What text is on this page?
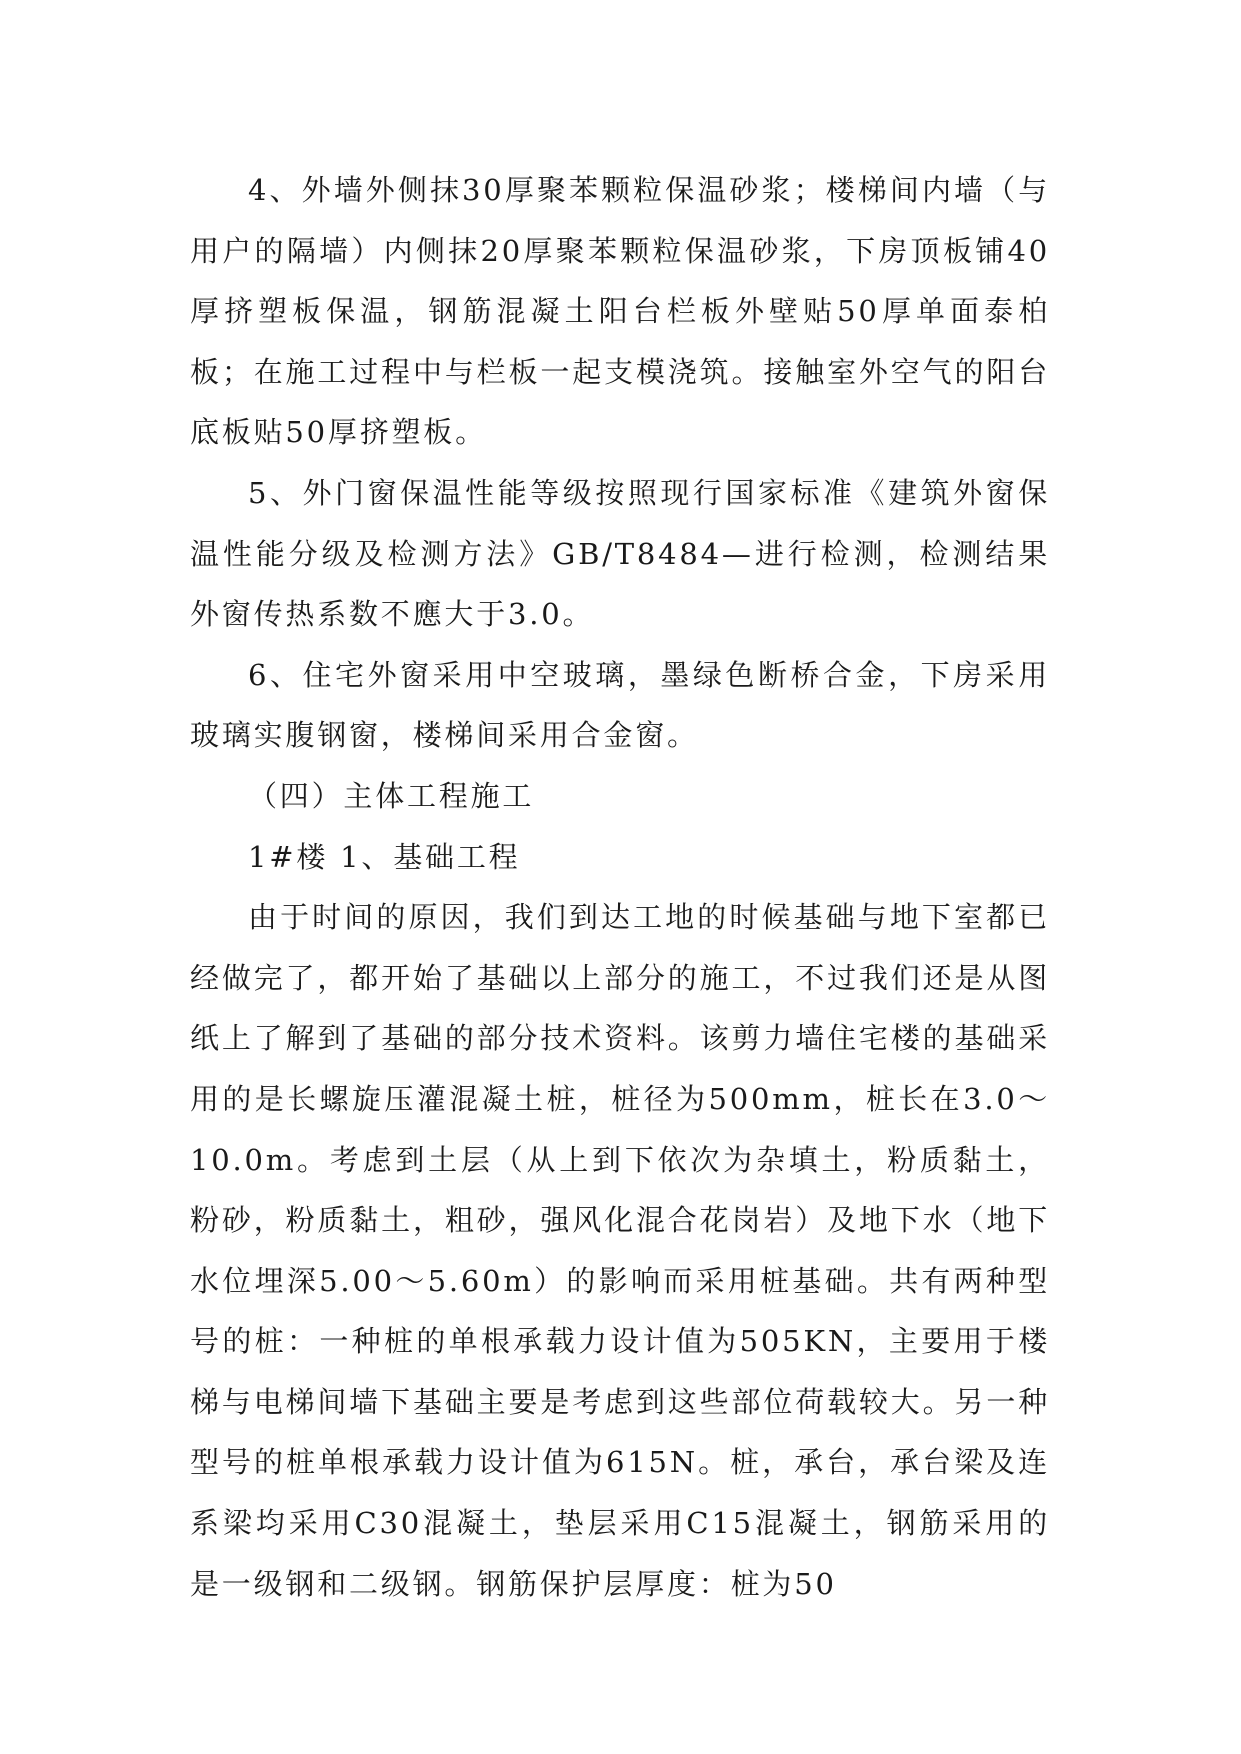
4、外墙外侧抹30厚聚苯颗粒保温砂浆；楼梯间内墙（与用户的隔墙）内侧抹20厚聚苯颗粒保温砂浆，下房顶板铺40厚挤塑板保温，钢筋混凝土阳台栏板外壁贴50厚单面泰柏板；在施工过程中与栏板一起支模浇筑。接触室外空气的阳台底板贴50厚挤塑板。

5、外门窗保温性能等级按照现行国家标准《建筑外窗保温性能分级及检测方法》GB/T8484—进行检测，检测结果外窗传热系数不應大于3.0。

6、住宅外窗采用中空玻璃，墨绿色断桥合金，下房采用玻璃实腹钢窗，楼梯间采用合金窗。

（四）主体工程施工

1#楼 1、基础工程

由于时间的原因，我们到达工地的时候基础与地下室都已经做完了，都开始了基础以上部分的施工，不过我们还是从图纸上了解到了基础的部分技术资料。该剪力墙住宅楼的基础采用的是长螺旋压灌混凝土桩，桩径为500mm，桩长在3.0～10.0m。考虑到土层（从上到下依次为杂填土，粉质黏土，粉砂，粉质黏土，粗砂，强风化混合花岗岩）及地下水（地下水位埋深5.00～5.60m）的影响而采用桩基础。共有两种型号的桩：一种桩的单根承载力设计值为505KN，主要用于楼梯与电梯间墙下基础主要是考虑到这些部位荷载较大。另一种型号的桩单根承载力设计值为615N。桩，承台，承台梁及连系梁均采用C30混凝土，垫层采用C15混凝土，钢筋采用的是一级钢和二级钢。钢筋保护层厚度：桩为50
